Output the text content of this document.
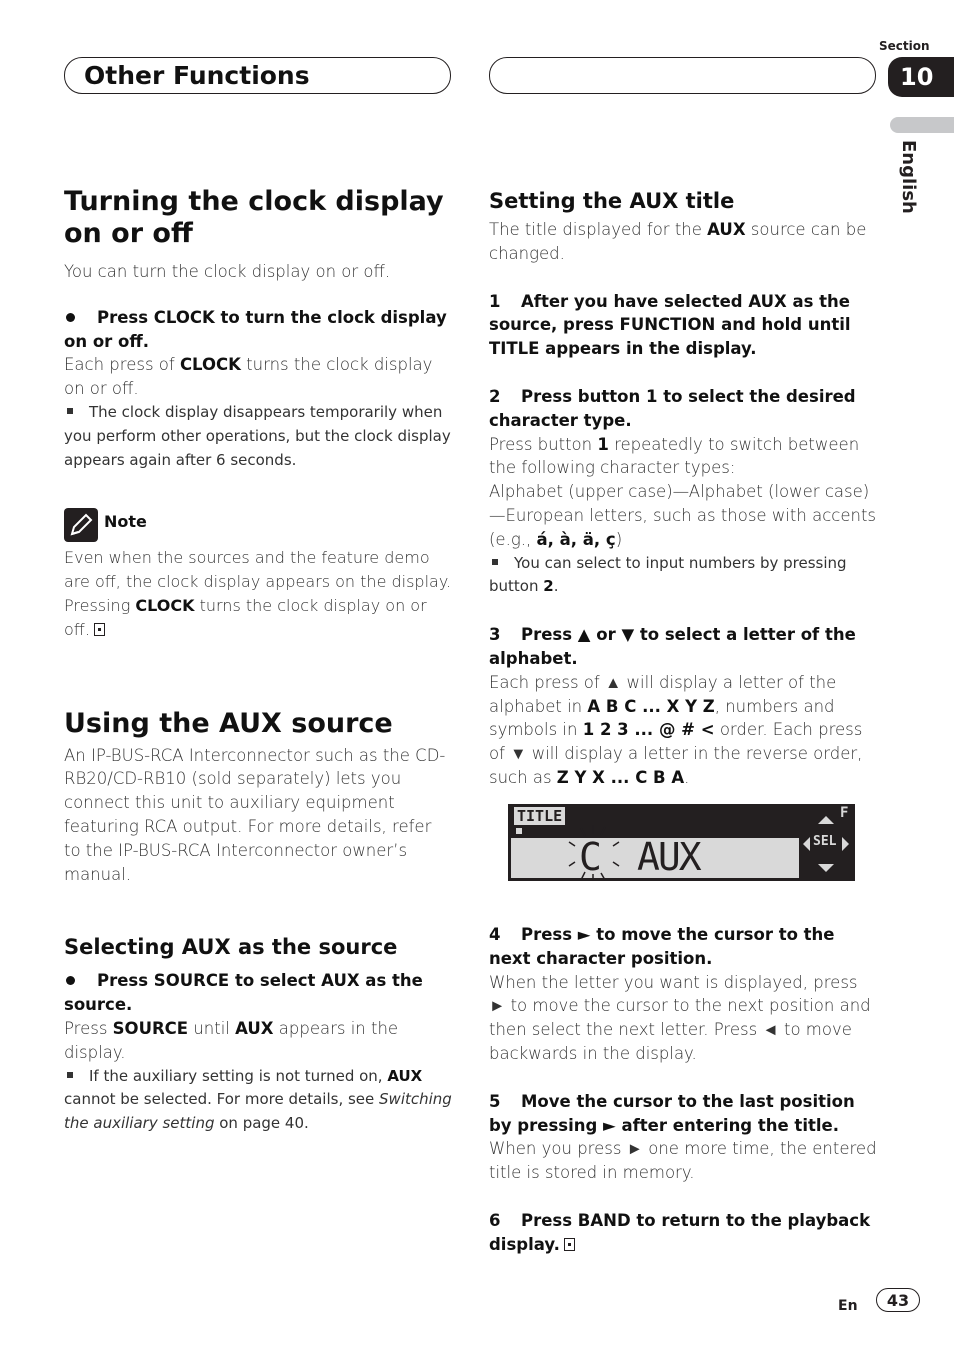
Other Functions
Section
10
English
Turning the clock display on or off
You can turn the clock display on or off.
Press CLOCK to turn the clock display on or off.
Each press of CLOCK turns the clock display on or off.
The clock display disappears temporarily when you perform other operations, but the clock display appears again after 6 seconds.
Note
Even when the sources and the feature demo are off, the clock display appears on the display. Pressing CLOCK turns the clock display on or off.
Using the AUX source
An IP-BUS-RCA Interconnector such as the CD-RB20/CD-RB10 (sold separately) lets you connect this unit to auxiliary equipment featuring RCA output. For more details, refer to the IP-BUS-RCA Interconnector owner’s manual.
Selecting AUX as the source
Press SOURCE to select AUX as the source.
Press SOURCE until AUX appears in the display.
If the auxiliary setting is not turned on, AUX cannot be selected. For more details, see Switching the auxiliary setting on page 40.
Setting the AUX title
The title displayed for the AUX source can be changed.
1 After you have selected AUX as the source, press FUNCTION and hold until TITLE appears in the display.
2 Press button 1 to select the desired character type.
Press button 1 repeatedly to switch between the following character types:
Alphabet (upper case)—Alphabet (lower case)—European letters, such as those with accents (e.g., á, à, ä, ç)
You can select to input numbers by pressing button 2.
3 Press ▲ or ▼ to select a letter of the alphabet.
Each press of ▲ will display a letter of the alphabet in A B C ... X Y Z, numbers and symbols in 1 2 3 ... @ # < order. Each press of ▼ will display a letter in the reverse order, such as Z Y X ... C B A.
TITLE
C AUX
F
SEL
4 Press ► to move the cursor to the next character position.
When the letter you want is displayed, press ► to move the cursor to the next position and then select the next letter. Press ◄ to move backwards in the display.
5 Move the cursor to the last position by pressing ► after entering the title.
When you press ► one more time, the entered title is stored in memory.
6 Press BAND to return to the playback display.
En	43
